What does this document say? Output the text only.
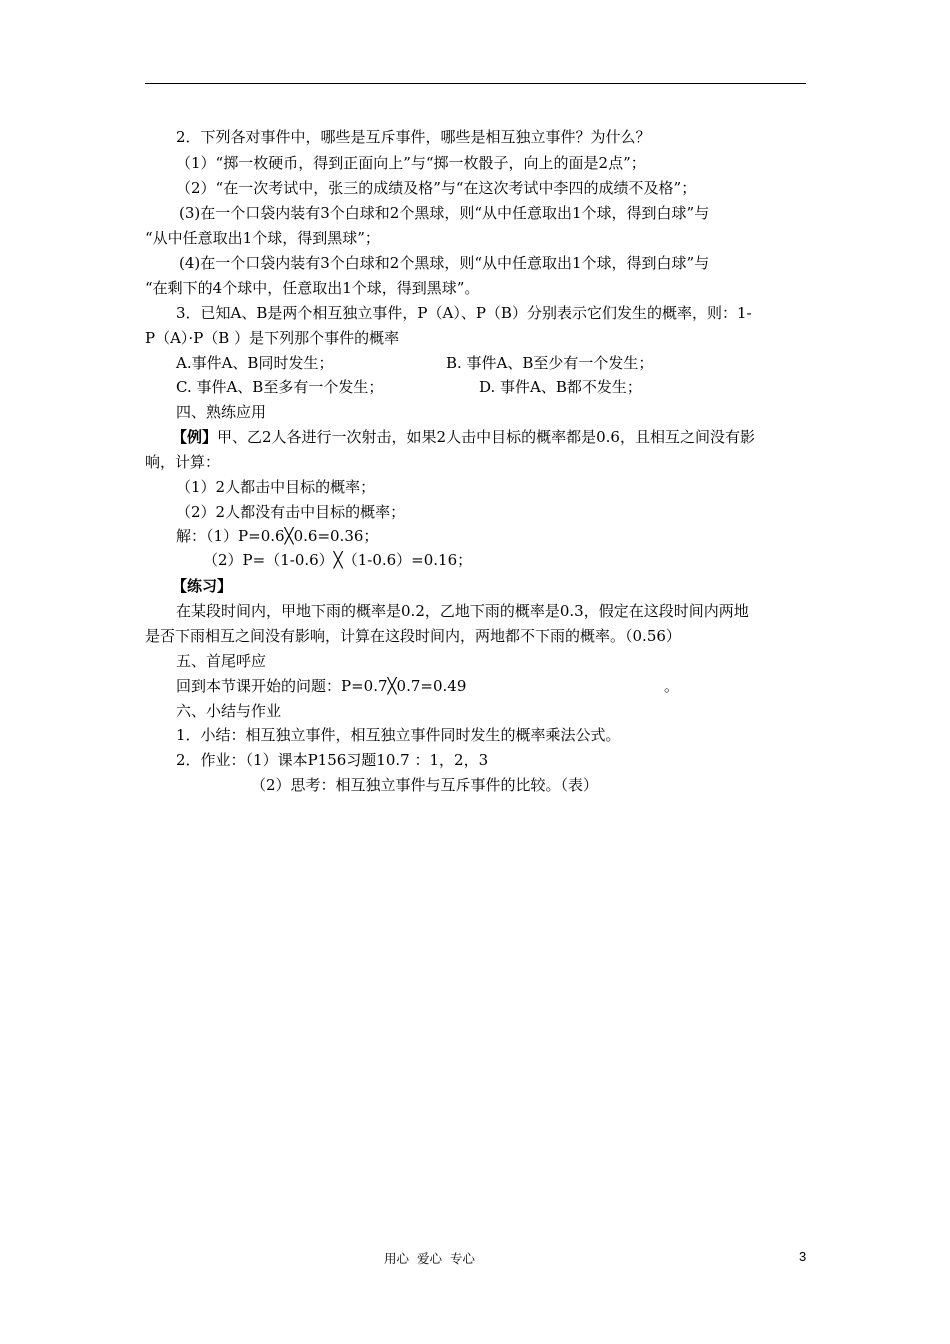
2．下列各对事件中，哪些是互斥事件，哪些是相互独立事件？为什么？
（1）“掷一枚硬币，得到正面向上”与“掷一枚骰子，向上的面是2点”；
（2）“在一次考试中，张三的成绩及格”与“在这次考试中李四的成绩不及格”；
(3)在一个口袋内装有3个白球和2个黑球，则“从中任意取出1个球，得到白球”与
“从中任意取出1个球，得到黑球”；
(4)在一个口袋内装有3个白球和2个黑球，则“从中任意取出1个球，得到白球”与
“在剩下的4个球中，任意取出1个球，得到黑球”。
3．已知A、B是两个相互独立事件，P（A）、P（B）分别表示它们发生的概率，则：1-
P（A）·P（B ）是下列那个事件的概率
A.事件A、B同时发生；	B. 事件A、B至少有一个发生；
C. 事件A、B至多有一个发生；	D. 事件A、B都不发生；
四、熟练应用
【例】甲、乙2人各进行一次射击，如果2人击中目标的概率都是0.6，且相互之间没有影
响，计算：
（1）2人都击中目标的概率；
（2）2人都没有击中目标的概率；
解：（1）P=0.6╳0.6=0.36；
（2）P=（1-0.6）╳（1-0.6）=0.16；
【练习】
在某段时间内，甲地下雨的概率是0.2，乙地下雨的概率是0.3，假定在这段时间内两地
是否下雨相互之间没有影响，计算在这段时间内，两地都不下雨的概率。（0.56）
五、首尾呼应
回到本节课开始的问题：P=0.7╳0.7=0.49	。
六、小结与作业
1．小结：相互独立事件，相互独立事件同时发生的概率乘法公式。
2．作业：（1）课本P156习题10.7 ：1，2，3
（2）思考：相互独立事件与互斥事件的比较。（表）
用心  爱心  专心	3
